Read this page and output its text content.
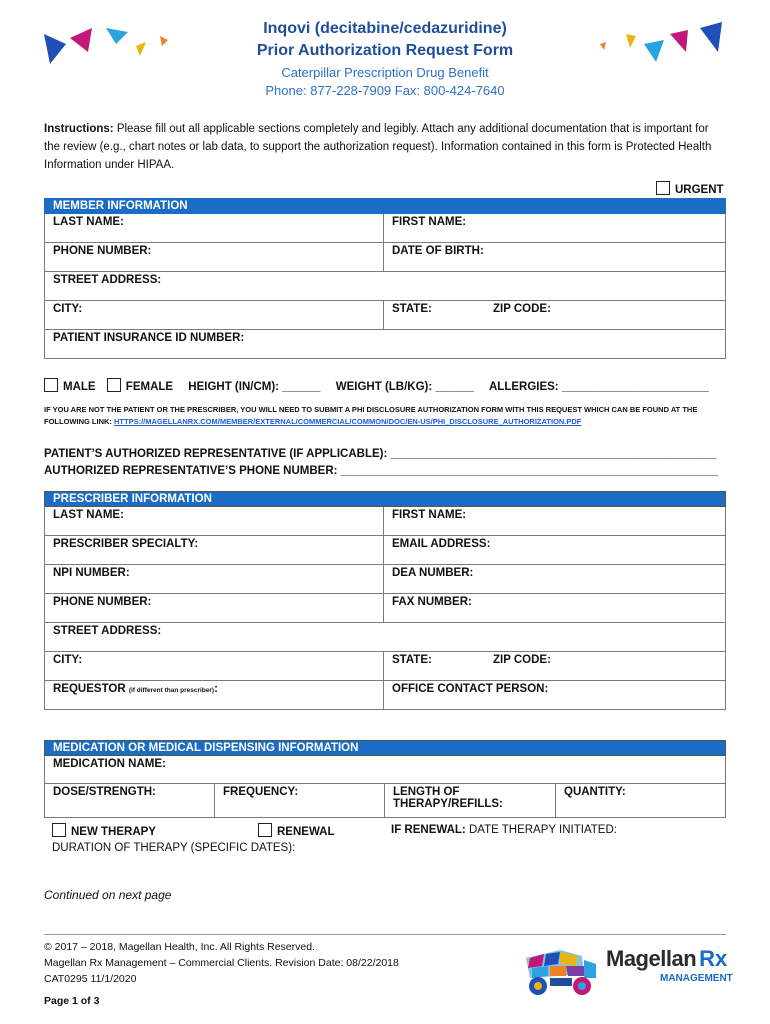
Inqovi (decitabine/cedazuridine)
Prior Authorization Request Form
Caterpillar Prescription Drug Benefit
Phone: 877-228-7909 Fax: 800-424-7640
Instructions: Please fill out all applicable sections completely and legibly. Attach any additional documentation that is important for the review (e.g., chart notes or lab data, to support the authorization request). Information contained in this form is Protected Health Information under HIPAA.
URGENT
MEMBER INFORMATION		
LAST NAME:	FIRST NAME:	
PHONE NUMBER:	DATE OF BIRTH:	
STREET ADDRESS:		
CITY:	STATE:	ZIP CODE:
PATIENT INSURANCE ID NUMBER:		
MALE	FEMALE HEIGHT (IN/CM): ______ WEIGHT (LB/KG): ______ ALLERGIES: _______________________
IF YOU ARE NOT THE PATIENT OR THE PRESCRIBER, YOU WILL NEED TO SUBMIT A PHI DISCLOSURE AUTHORIZATION FORM WITH THIS REQUEST WHICH CAN BE FOUND AT THE FOLLOWING LINK: HTTPS://MAGELLANRX.COM/MEMBER/EXTERNAL/COMMERCIAL/COMMON/DOC/EN-US/PHI_DISCLOSURE_AUTHORIZATION.PDF
PATIENT’S AUTHORIZED REPRESENTATIVE (IF APPLICABLE): ___________________________________________________
AUTHORIZED REPRESENTATIVE’S PHONE NUMBER: ___________________________________________________________
PRESCRIBER INFORMATION		
LAST NAME:	FIRST NAME:	
PRESCRIBER SPECIALTY:	EMAIL ADDRESS:	
NPI NUMBER:	DEA NUMBER:	
PHONE NUMBER:	FAX NUMBER:	
STREET ADDRESS:		
CITY:	STATE:	ZIP CODE:
REQUESTOR (if different than prescriber):	OFFICE CONTACT PERSON:	
MEDICATION OR MEDICAL DISPENSING INFORMATION
MEDICATION NAME:
DOSE/STRENGTH:	FREQUENCY:	LENGTH OF THERAPY/REFILLS:	QUANTITY:
NEW THERAPY	RENEWAL	IF RENEWAL: DATE THERAPY INITIATED:
DURATION OF THERAPY (SPECIFIC DATES):
Continued on next page
© 2017 – 2018, Magellan Health, Inc. All Rights Reserved.
Magellan Rx Management – Commercial Clients. Revision Date: 08/22/2018
CAT0295 11/1/2020
Page 1 of 3
Magellan Rx
MANAGEMENT
